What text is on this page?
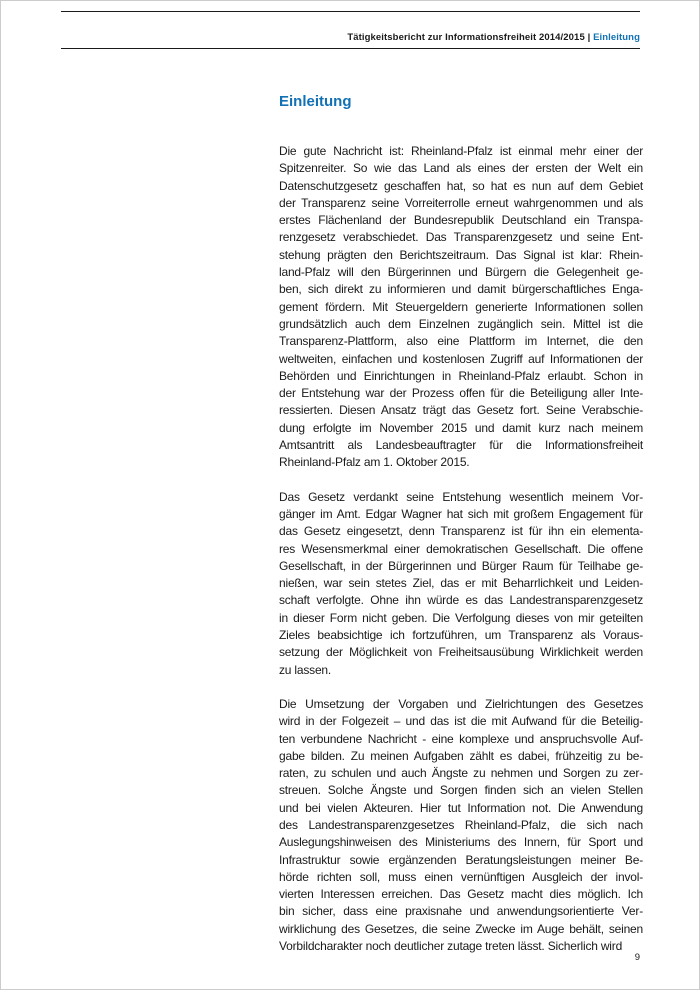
Tätigkeitsbericht zur Informationsfreiheit 2014/2015 | Einleitung
Einleitung
Die gute Nachricht ist: Rheinland-Pfalz ist einmal mehr einer der
Spitzenreiter. So wie das Land als eines der ersten der Welt ein
Datenschutzgesetz geschaffen hat, so hat es nun auf dem Gebiet
der Transparenz seine Vorreiterrolle erneut wahrgenommen und als
erstes Flächenland der Bundesrepublik Deutschland ein Transpa-
renzgesetz verabschiedet. Das Transparenzgesetz und seine Ent-
stehung prägten den Berichtszeitraum. Das Signal ist klar: Rhein-
land-Pfalz will den Bürgerinnen und Bürgern die Gelegenheit ge-
ben, sich direkt zu informieren und damit bürgerschaftliches Enga-
gement fördern. Mit Steuergeldern generierte Informationen sollen
grundsätzlich auch dem Einzelnen zugänglich sein. Mittel ist die
Transparenz-Plattform, also eine Plattform im Internet, die den
weltweiten, einfachen und kostenlosen Zugriff auf Informationen der
Behörden und Einrichtungen in Rheinland-Pfalz erlaubt. Schon in
der Entstehung war der Prozess offen für die Beteiligung aller Inte-
ressierten. Diesen Ansatz trägt das Gesetz fort. Seine Verabschie-
dung erfolgte im November 2015 und damit kurz nach meinem
Amtsantritt als Landesbeauftragter für die Informationsfreiheit
Rheinland-Pfalz am 1. Oktober 2015.
Das Gesetz verdankt seine Entstehung wesentlich meinem Vor-
gänger im Amt. Edgar Wagner hat sich mit großem Engagement für
das Gesetz eingesetzt, denn Transparenz ist für ihn ein elementa-
res Wesensmerkmal einer demokratischen Gesellschaft. Die offene
Gesellschaft, in der Bürgerinnen und Bürger Raum für Teilhabe ge-
nießen, war sein stetes Ziel, das er mit Beharrlichkeit und Leiden-
schaft verfolgte. Ohne ihn würde es das Landestransparenzgesetz
in dieser Form nicht geben. Die Verfolgung dieses von mir geteilten
Zieles beabsichtige ich fortzuführen, um Transparenz als Voraus-
setzung der Möglichkeit von Freiheitsausübung Wirklichkeit werden
zu lassen.
Die Umsetzung der Vorgaben und Zielrichtungen des Gesetzes
wird in der Folgezeit – und das ist die mit Aufwand für die Beteilig-
ten verbundene Nachricht - eine komplexe und anspruchsvolle Auf-
gabe bilden. Zu meinen Aufgaben zählt es dabei, frühzeitig zu be-
raten, zu schulen und auch Ängste zu nehmen und Sorgen zu zer-
streuen. Solche Ängste und Sorgen finden sich an vielen Stellen
und bei vielen Akteuren. Hier tut Information not. Die Anwendung
des Landestransparenzgesetzes Rheinland-Pfalz, die sich nach
Auslegungshinweisen des Ministeriums des Innern, für Sport und
Infrastruktur sowie ergänzenden Beratungsleistungen meiner Be-
hörde richten soll, muss einen vernünftigen Ausgleich der invol-
vierten Interessen erreichen. Das Gesetz macht dies möglich. Ich
bin sicher, dass eine praxisnahe und anwendungsorientierte Ver-
wirklichung des Gesetzes, die seine Zwecke im Auge behält, seinen
Vorbildcharakter noch deutlicher zutage treten lässt. Sicherlich wird
9
